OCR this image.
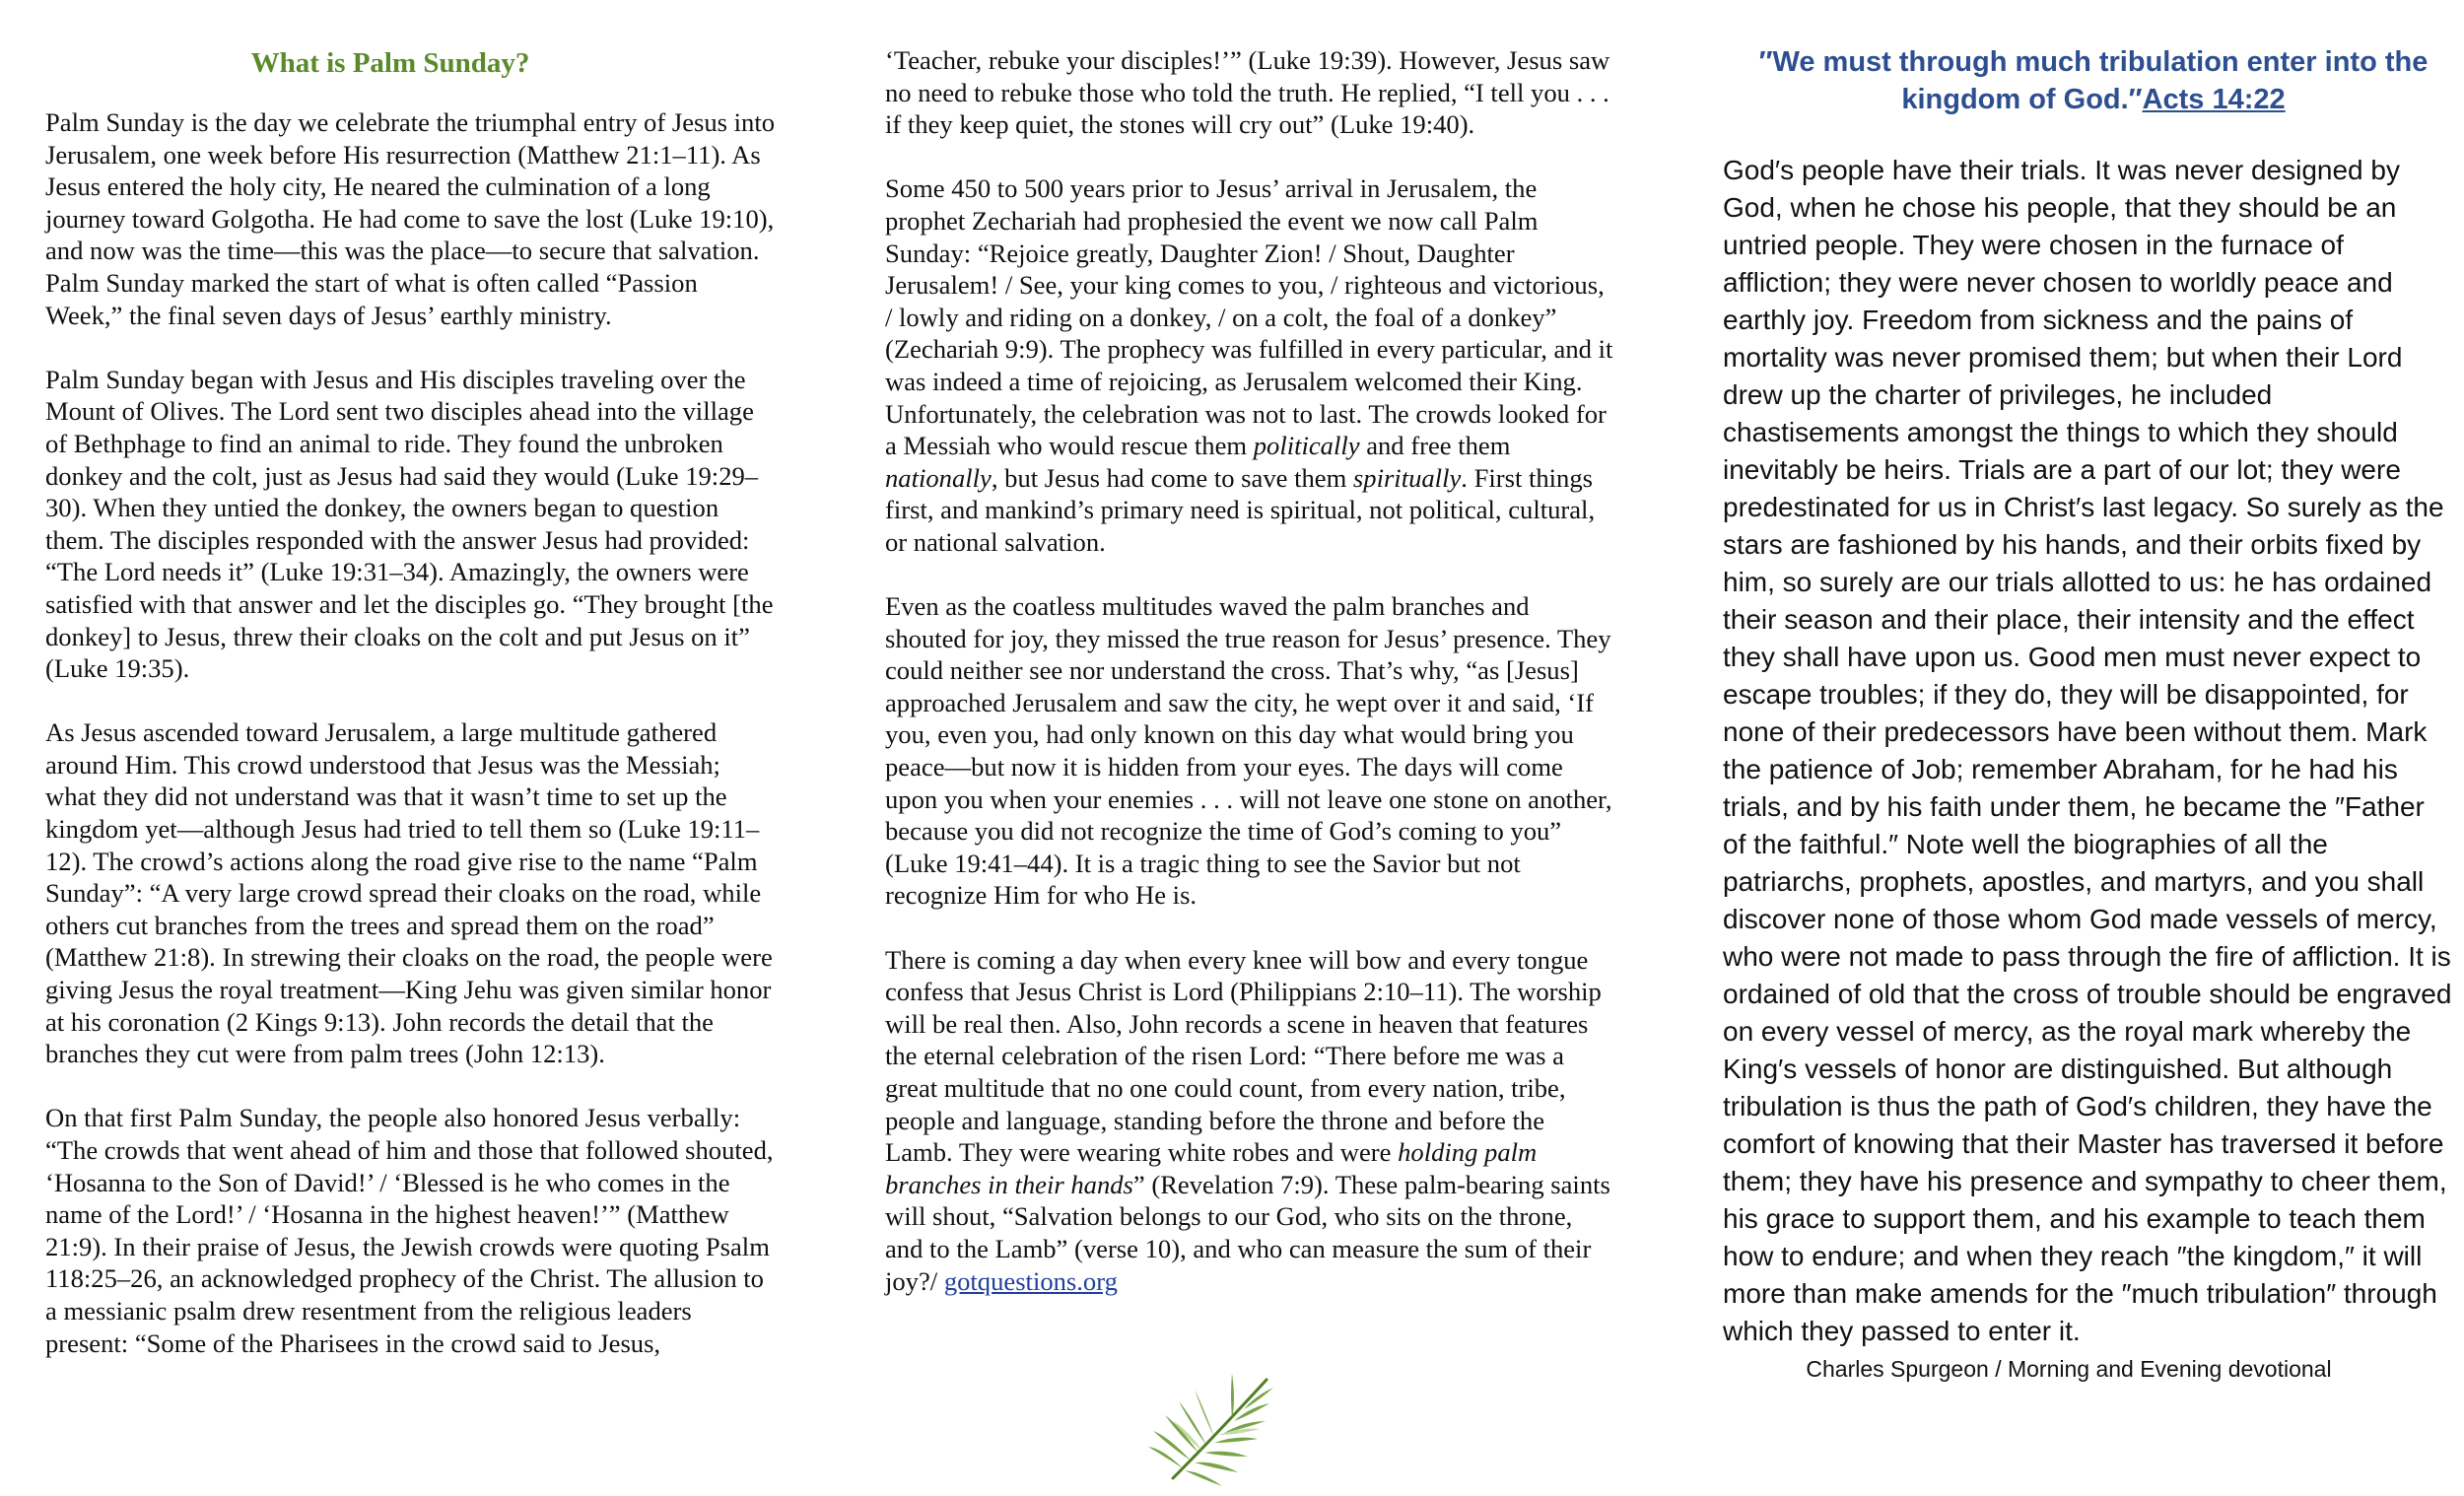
What is Palm Sunday?

Palm Sunday is the day we celebrate the triumphal entry of Jesus into Jerusalem, one week before His resurrection (Matthew 21:1–11). As Jesus entered the holy city, He neared the culmination of a long journey toward Golgotha. He had come to save the lost (Luke 19:10), and now was the time—this was the place—to secure that salvation. Palm Sunday marked the start of what is often called “Passion Week,” the final seven days of Jesus’ earthly ministry.

Palm Sunday began with Jesus and His disciples traveling over the Mount of Olives. The Lord sent two disciples ahead into the village of Bethphage to find an animal to ride. They found the unbroken donkey and the colt, just as Jesus had said they would (Luke 19:29–30). When they untied the donkey, the owners began to question them. The disciples responded with the answer Jesus had provided: “The Lord needs it” (Luke 19:31–34). Amazingly, the owners were satisfied with that answer and let the disciples go. “They brought [the donkey] to Jesus, threw their cloaks on the colt and put Jesus on it” (Luke 19:35).

As Jesus ascended toward Jerusalem, a large multitude gathered around Him. This crowd understood that Jesus was the Messiah; what they did not understand was that it wasn’t time to set up the kingdom yet—although Jesus had tried to tell them so (Luke 19:11–12). The crowd’s actions along the road give rise to the name “Palm Sunday”: “A very large crowd spread their cloaks on the road, while others cut branches from the trees and spread them on the road” (Matthew 21:8). In strewing their cloaks on the road, the people were giving Jesus the royal treatment—King Jehu was given similar honor at his coronation (2 Kings 9:13). John records the detail that the branches they cut were from palm trees (John 12:13).

On that first Palm Sunday, the people also honored Jesus verbally: “The crowds that went ahead of him and those that followed shouted, ‘Hosanna to the Son of David!’ / ‘Blessed is he who comes in the name of the Lord!’ / ‘Hosanna in the highest heaven!’” (Matthew 21:9). In their praise of Jesus, the Jewish crowds were quoting Psalm 118:25–26, an acknowledged prophecy of the Christ. The allusion to a messianic psalm drew resentment from the religious leaders present: “Some of the Pharisees in the crowd said to Jesus,

‘Teacher, rebuke your disciples!’” (Luke 19:39). However, Jesus saw no need to rebuke those who told the truth. He replied, “I tell you . . . if they keep quiet, the stones will cry out” (Luke 19:40).

Some 450 to 500 years prior to Jesus’ arrival in Jerusalem, the prophet Zechariah had prophesied the event we now call Palm Sunday: “Rejoice greatly, Daughter Zion! / Shout, Daughter Jerusalem! / See, your king comes to you, / righteous and victorious, / lowly and riding on a donkey, / on a colt, the foal of a donkey” (Zechariah 9:9). The prophecy was fulfilled in every particular, and it was indeed a time of rejoicing, as Jerusalem welcomed their King. Unfortunately, the celebration was not to last. The crowds looked for a Messiah who would rescue them politically and free them nationally, but Jesus had come to save them spiritually. First things first, and mankind’s primary need is spiritual, not political, cultural, or national salvation.

Even as the coatless multitudes waved the palm branches and shouted for joy, they missed the true reason for Jesus’ presence. They could neither see nor understand the cross. That’s why, “as [Jesus] approached Jerusalem and saw the city, he wept over it and said, ‘If you, even you, had only known on this day what would bring you peace—but now it is hidden from your eyes. The days will come upon you when your enemies . . . will not leave one stone on another, because you did not recognize the time of God’s coming to you” (Luke 19:41–44). It is a tragic thing to see the Savior but not recognize Him for who He is.

There is coming a day when every knee will bow and every tongue confess that Jesus Christ is Lord (Philippians 2:10–11). The worship will be real then. Also, John records a scene in heaven that features the eternal celebration of the risen Lord: “There before me was a great multitude that no one could count, from every nation, tribe, people and language, standing before the throne and before the Lamb. They were wearing white robes and were holding palm branches in their hands” (Revelation 7:9). These palm-bearing saints will shout, “Salvation belongs to our God, who sits on the throne, and to the Lamb” (verse 10), and who can measure the sum of their joy?/ gotquestions.org

″We must through much tribulation enter into the kingdom of God.″Acts 14:22
God′s people have their trials. It was never designed by God, when he chose his people, that they should be an untried people. They were chosen in the furnace of affliction; they were never chosen to worldly peace and earthly joy. Freedom from sickness and the pains of mortality was never promised them; but when their Lord drew up the charter of privileges, he included chastisements amongst the things to which they should inevitably be heirs. Trials are a part of our lot; they were predestinated for us in Christ′s last legacy. So surely as the stars are fashioned by his hands, and their orbits fixed by him, so surely are our trials allotted to us: he has ordained their season and their place, their intensity and the effect they shall have upon us. Good men must never expect to escape troubles; if they do, they will be disappointed, for none of their predecessors have been without them. Mark the patience of Job; remember Abraham, for he had his trials, and by his faith under them, he became the ″Father of the faithful.″ Note well the biographies of all the patriarchs, prophets, apostles, and martyrs, and you shall discover none of those whom God made vessels of mercy, who were not made to pass through the fire of affliction. It is ordained of old that the cross of trouble should be engraved on every vessel of mercy, as the royal mark whereby the King′s vessels of honor are distinguished. But although tribulation is thus the path of God′s children, they have the comfort of knowing that their Master has traversed it before them; they have his presence and sympathy to cheer them, his grace to support them, and his example to teach them how to endure; and when they reach ″the kingdom,″ it will more than make amends for the ″much tribulation″ through which they passed to enter it.
Charles Spurgeon / Morning and Evening devotional
